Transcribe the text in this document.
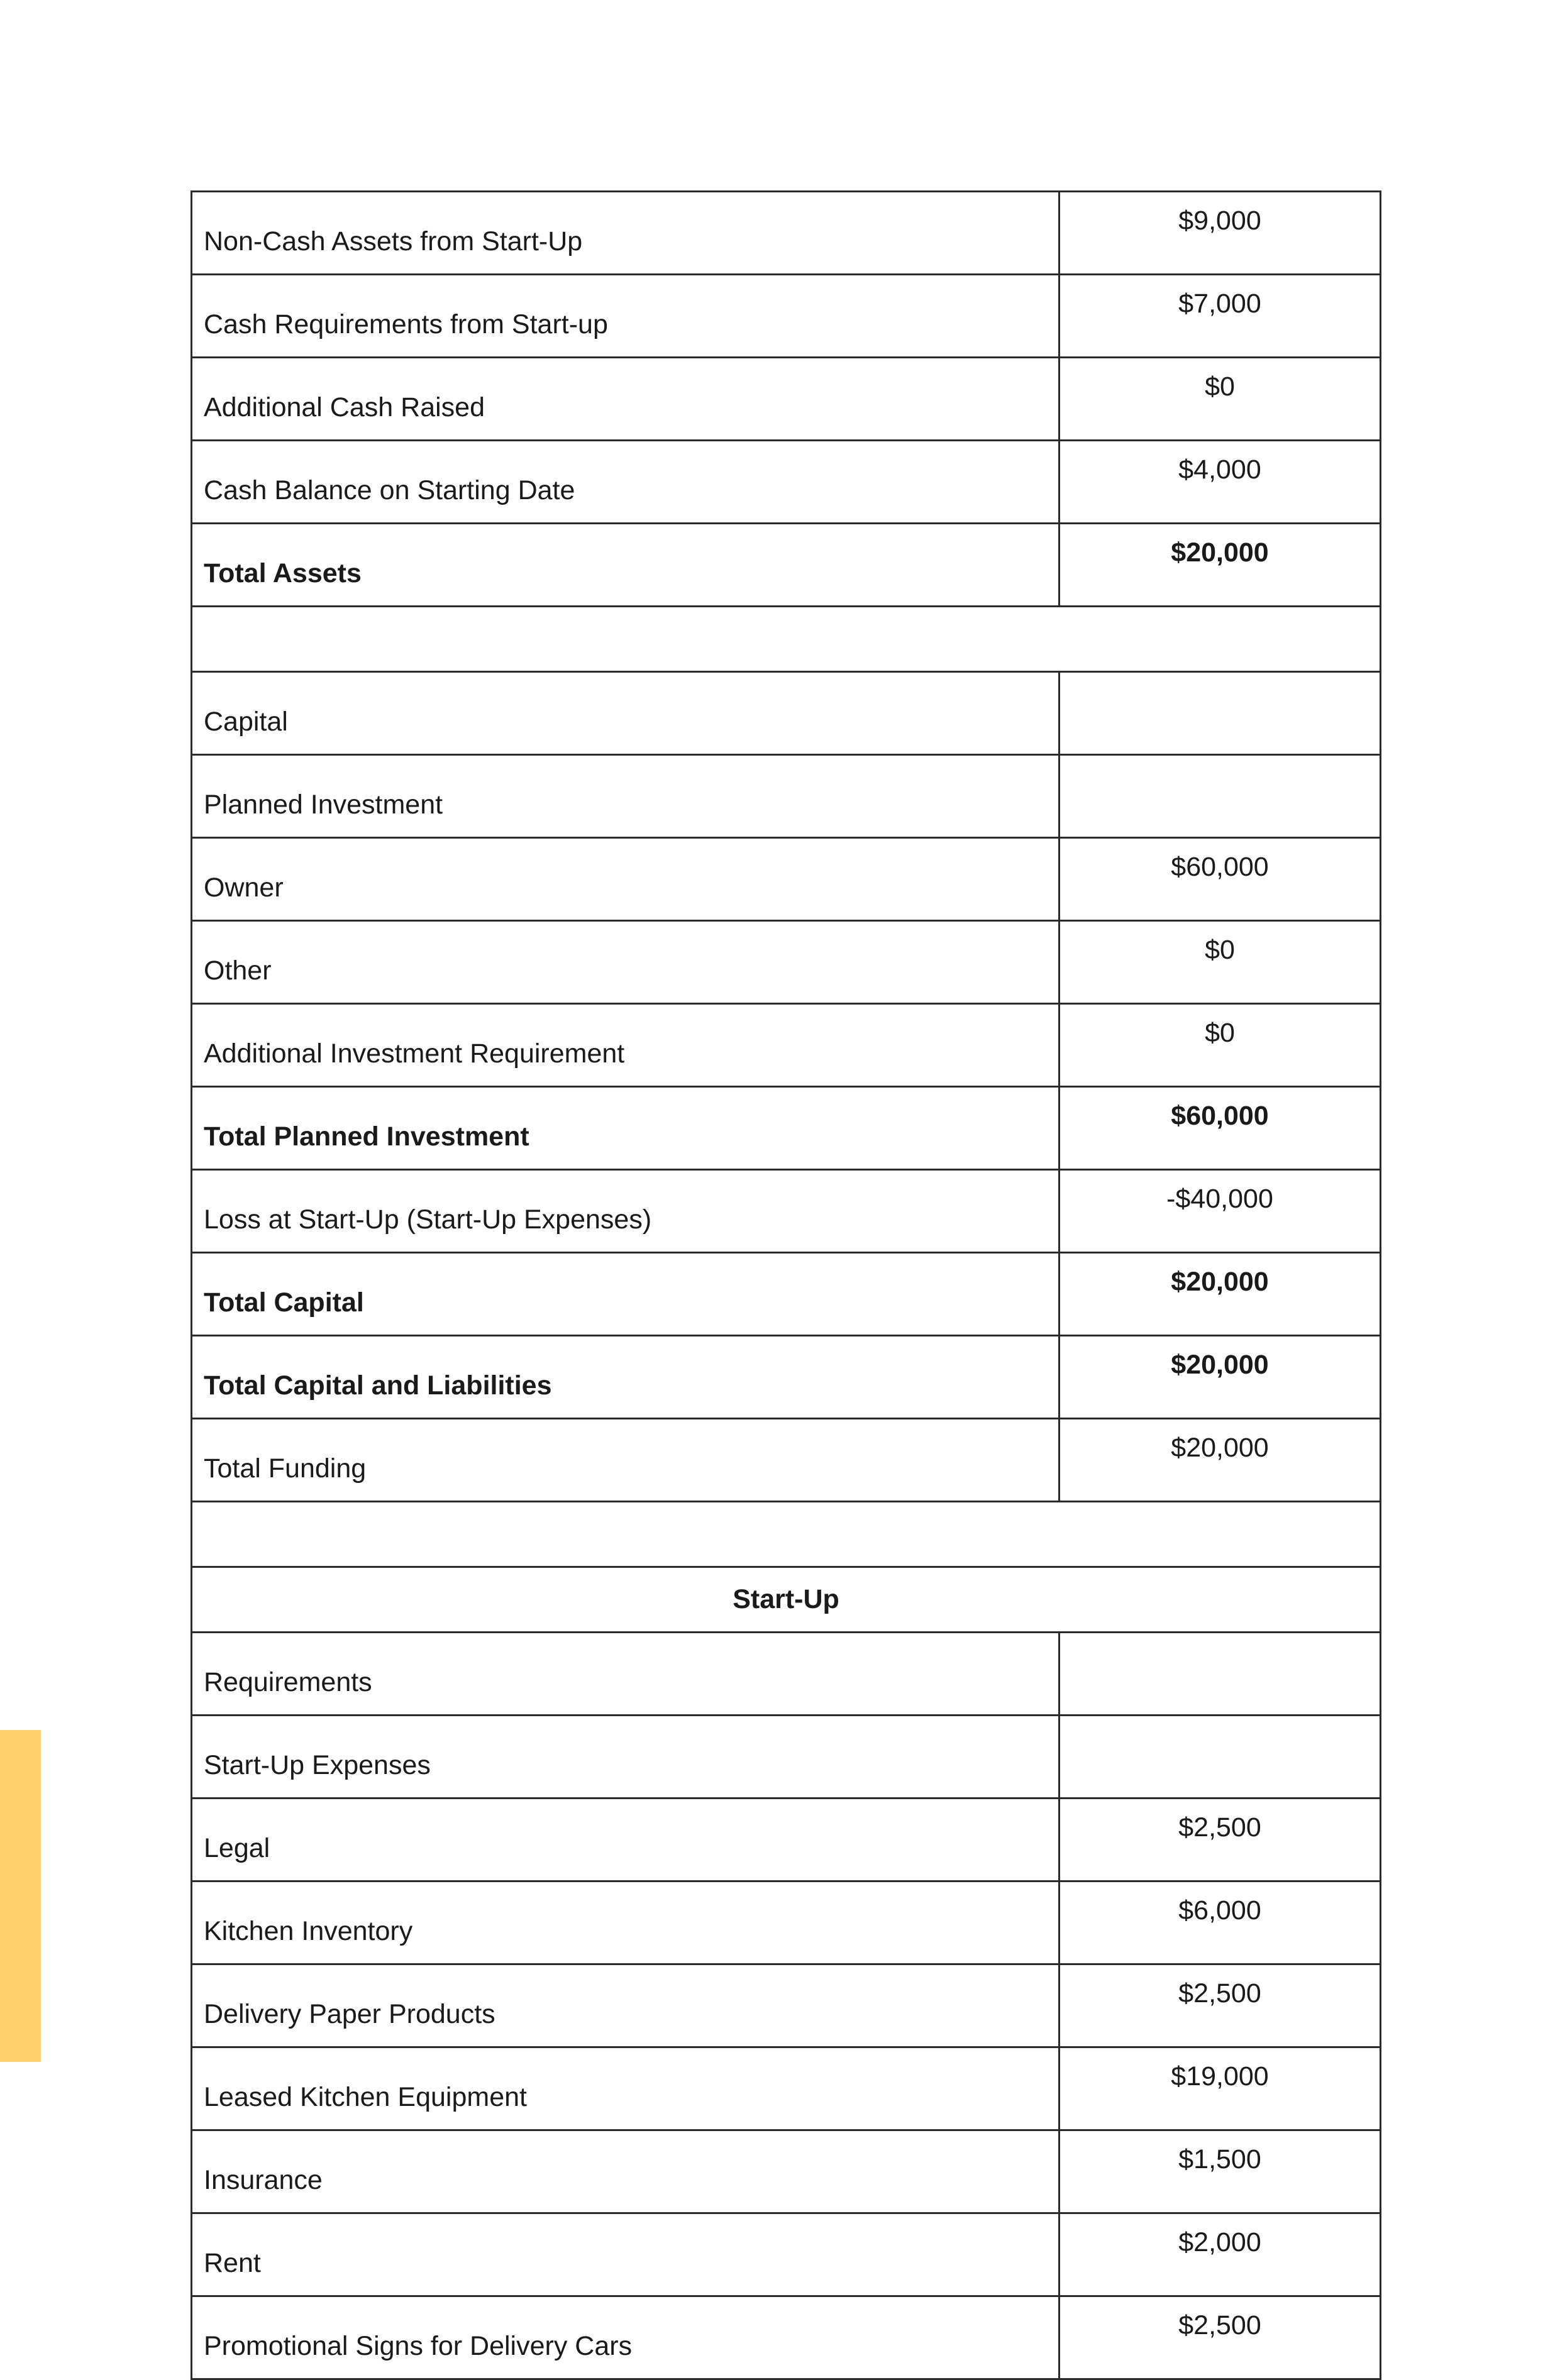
Non-Cash Assets from Start-Up	$9,000
Cash Requirements from Start-up	$7,000
Additional Cash Raised	$0
Cash Balance on Starting Date	$4,000
Total Assets	$20,000

Capital	
Planned Investment	
Owner	$60,000
Other	$0
Additional Investment Requirement	$0
Total Planned Investment	$60,000
Loss at Start-Up (Start-Up Expenses)	-$40,000
Total Capital	$20,000
Total Capital and Liabilities	$20,000
Total Funding	$20,000

Start-Up	
Requirements	
Start-Up Expenses	
Legal	$2,500
Kitchen Inventory	$6,000
Delivery Paper Products	$2,500
Leased Kitchen Equipment	$19,000
Insurance	$1,500
Rent	$2,000
Promotional Signs for Delivery Cars	$2,500
